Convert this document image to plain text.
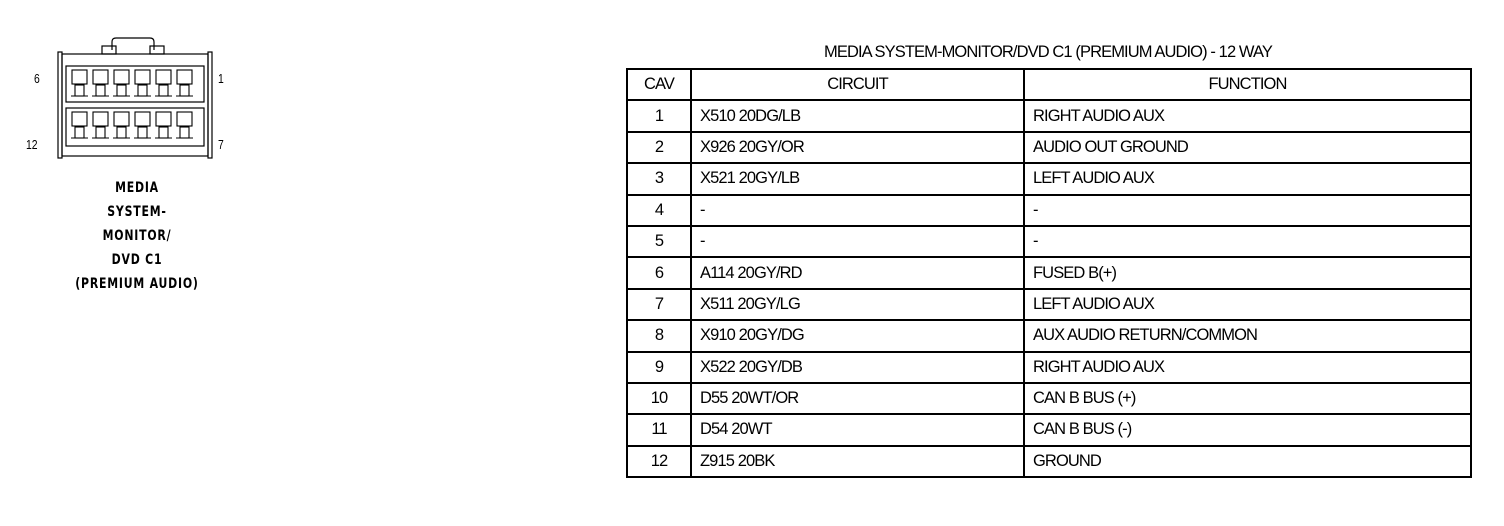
6	1
12	7
MEDIA
SYSTEM-
MONITOR/
DVD C1
(PREMIUM AUDIO)
MEDIA SYSTEM-MONITOR/DVD C1 (PREMIUM AUDIO) - 12 WAY
CAV	CIRCUIT	FUNCTION
1	X510 20DG/LB	RIGHT AUDIO AUX
2	X926 20GY/OR	AUDIO OUT GROUND
3	X521 20GY/LB	LEFT AUDIO AUX
4	-	-
5	-	-
6	A114 20GY/RD	FUSED B(+)
7	X511 20GY/LG	LEFT AUDIO AUX
8	X910 20GY/DG	AUX AUDIO RETURN/COMMON
9	X522 20GY/DB	RIGHT AUDIO AUX
10	D55 20WT/OR	CAN B BUS (+)
11	D54 20WT	CAN B BUS (-)
12	Z915 20BK	GROUND
